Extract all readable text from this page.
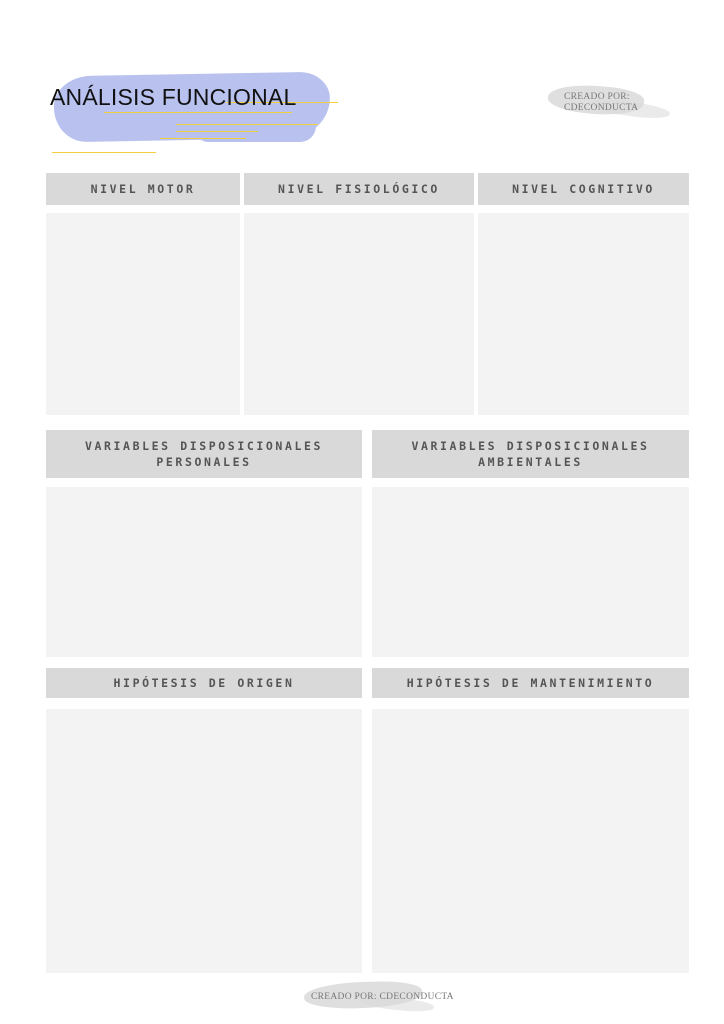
ANÁLISIS FUNCIONAL	CREADO POR:
CDECONDUCTA
NIVEL MOTOR	NIVEL FISIOLÓGICO	NIVEL COGNITIVO
VARIABLES DISPOSICIONALES
PERSONALES
VARIABLES DISPOSICIONALES
AMBIENTALES
HIPÓTESIS DE ORIGEN	HIPÓTESIS DE MANTENIMIENTO
CREADO POR: CDECONDUCTA
